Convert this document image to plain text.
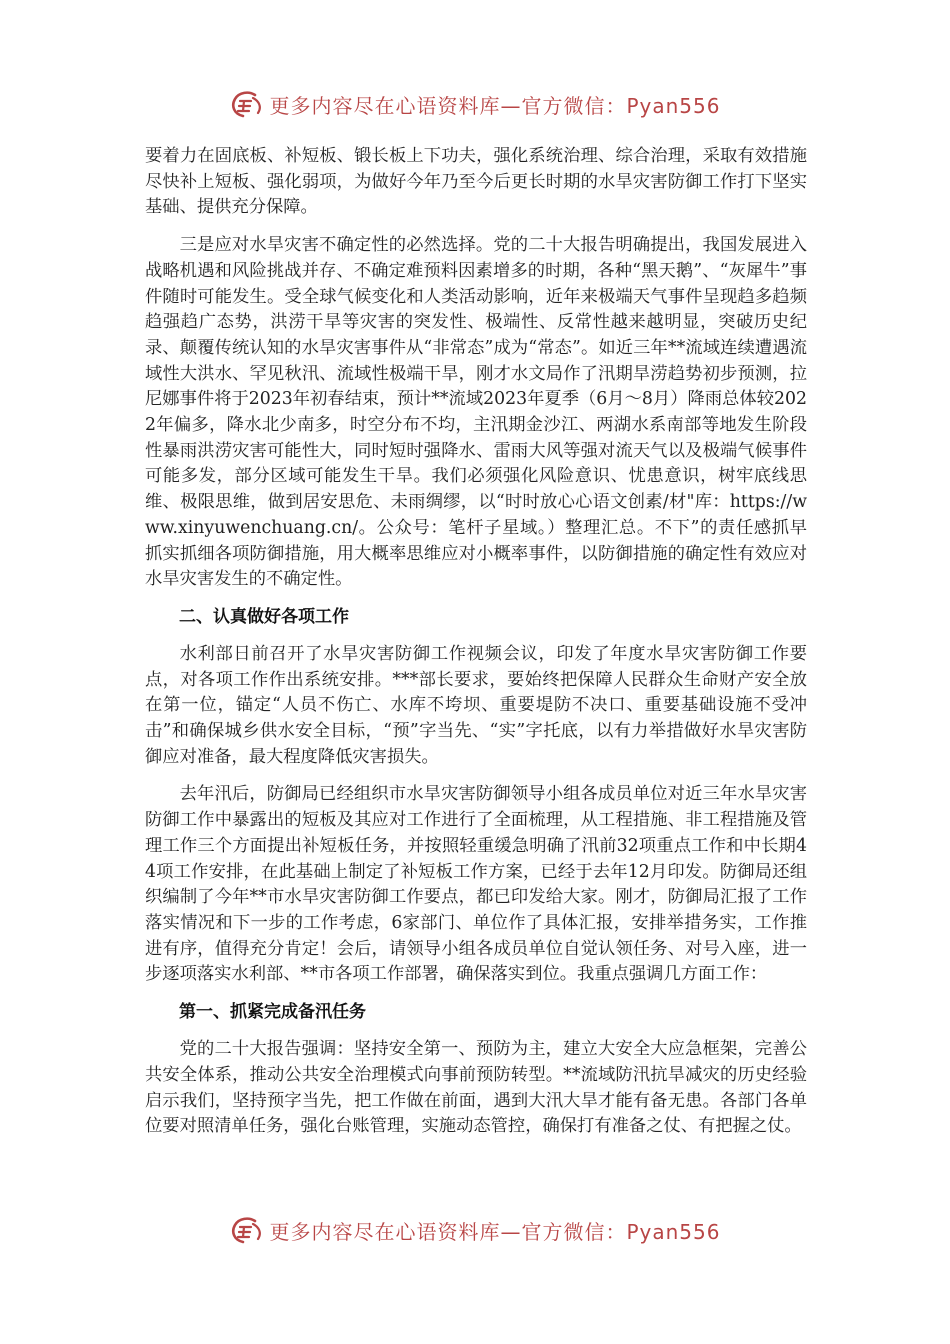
更多内容尽在心语资料库—官方微信：Pyan556

要着力在固底板、补短板、锻长板上下功夫，强化系统治理、综合治理，采取有效措施尽快补上短板、强化弱项，为做好今年乃至今后更长时期的水旱灾害防御工作打下坚实基础、提供充分保障。

三是应对水旱灾害不确定性的必然选择。党的二十大报告明确提出，我国发展进入战略机遇和风险挑战并存、不确定难预料因素增多的时期，各种“黑天鹅”、“灰犀牛”事件随时可能发生。受全球气候变化和人类活动影响，近年来极端天气事件呈现趋多趋频趋强趋广态势，洪涝干旱等灾害的突发性、极端性、反常性越来越明显，突破历史纪录、颠覆传统认知的水旱灾害事件从“非常态”成为“常态”。如近三年**流域连续遭遇流域性大洪水、罕见秋汛、流域性极端干旱，刚才水文局作了汛期旱涝趋势初步预测，拉尼娜事件将于2023年初春结束，预计**流域2023年夏季（6月～8月）降雨总体较2022年偏多，降水北少南多，时空分布不均，主汛期金沙江、两湖水系南部等地发生阶段性暴雨洪涝灾害可能性大，同时短时强降水、雷雨大风等强对流天气以及极端气候事件可能多发，部分区域可能发生干旱。我们必须强化风险意识、忧患意识，树牢底线思维、极限思维，做到居安思危、未雨绸缪，以“时时放心心语文创素/材"库：https://www.xinyuwenchuang.cn/。公众号：笔杆子星域。）整理汇总。不下”的责任感抓早抓实抓细各项防御措施，用大概率思维应对小概率事件，以防御措施的确定性有效应对水旱灾害发生的不确定性。

二、认真做好各项工作

水利部日前召开了水旱灾害防御工作视频会议，印发了年度水旱灾害防御工作要点，对各项工作作出系统安排。***部长要求，要始终把保障人民群众生命财产安全放在第一位，锚定“人员不伤亡、水库不垮坝、重要堤防不决口、重要基础设施不受冲击”和确保城乡供水安全目标，“预”字当先、“实”字托底，以有力举措做好水旱灾害防御应对准备，最大程度降低灾害损失。

去年汛后，防御局已经组织市水旱灾害防御领导小组各成员单位对近三年水旱灾害防御工作中暴露出的短板及其应对工作进行了全面梳理，从工程措施、非工程措施及管理工作三个方面提出补短板任务，并按照轻重缓急明确了汛前32项重点工作和中长期44项工作安排，在此基础上制定了补短板工作方案，已经于去年12月印发。防御局还组织编制了今年**市水旱灾害防御工作要点，都已印发给大家。刚才，防御局汇报了工作落实情况和下一步的工作考虑，6家部门、单位作了具体汇报，安排举措务实，工作推进有序，值得充分肯定！会后，请领导小组各成员单位自觉认领任务、对号入座，进一步逐项落实水利部、**市各项工作部署，确保落实到位。我重点强调几方面工作：

第一、抓紧完成备汛任务

党的二十大报告强调：坚持安全第一、预防为主，建立大安全大应急框架，完善公共安全体系，推动公共安全治理模式向事前预防转型。**流域防汛抗旱减灾的历史经验启示我们，坚持预字当先，把工作做在前面，遇到大汛大旱才能有备无患。各部门各单位要对照清单任务，强化台账管理，实施动态管控，确保打有准备之仗、有把握之仗。

更多内容尽在心语资料库—官方微信：Pyan556
